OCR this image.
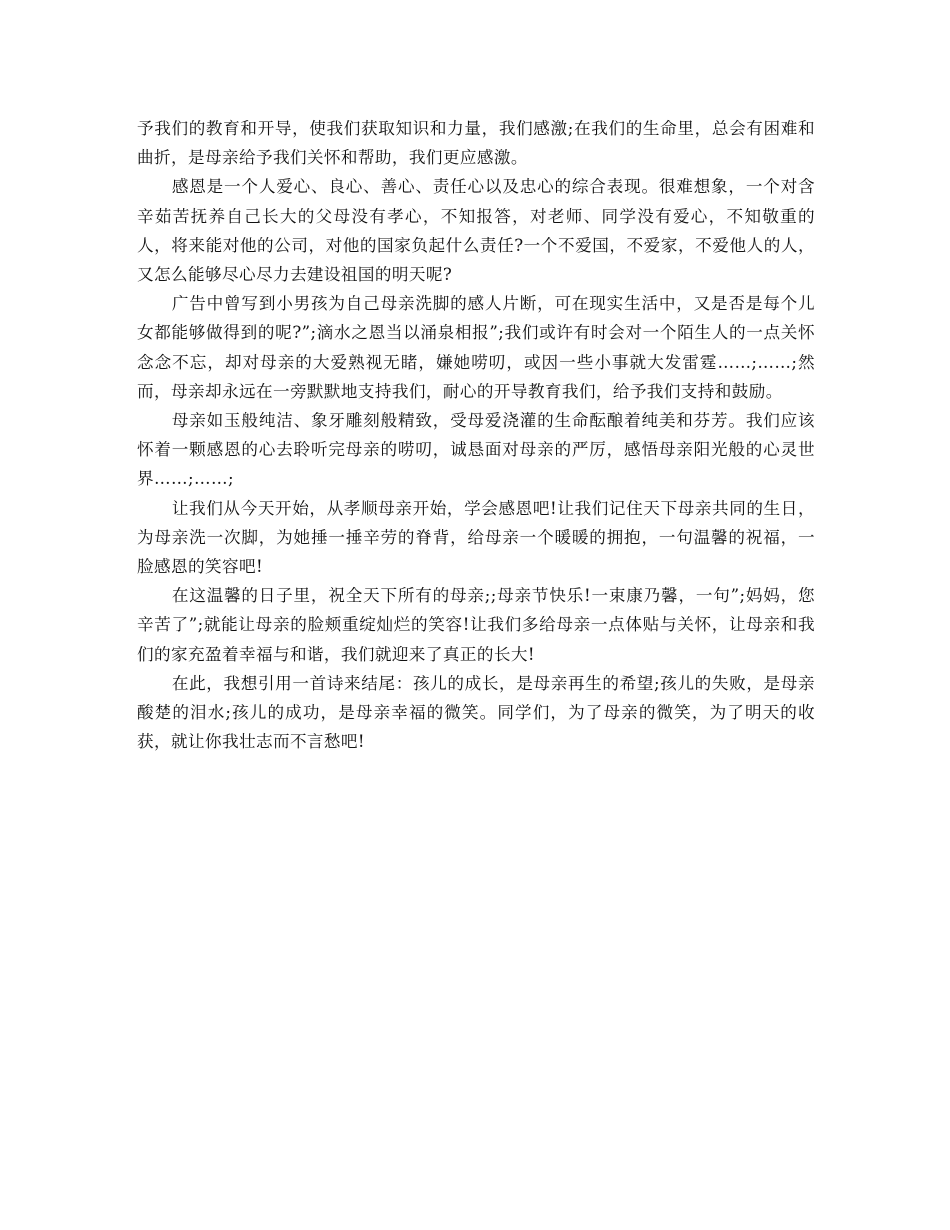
予我们的教育和开导，使我们获取知识和力量，我们感激;在我们的生命里，总会有困难和曲折，是母亲给予我们关怀和帮助，我们更应感激。

感恩是一个人爱心、良心、善心、责任心以及忠心的综合表现。很难想象，一个对含辛茹苦抚养自己长大的父母没有孝心，不知报答，对老师、同学没有爱心，不知敬重的人，将来能对他的公司，对他的国家负起什么责任?一个不爱国，不爱家，不爱他人的人，又怎么能够尽心尽力去建设祖国的明天呢?

广告中曾写到小男孩为自己母亲洗脚的感人片断，可在现实生活中，又是否是每个儿女都能够做得到的呢?”;滴水之恩当以涌泉相报”;我们或许有时会对一个陌生人的一点关怀念念不忘，却对母亲的大爱熟视无睹，嫌她唠叨，或因一些小事就大发雷霆……;……;然而，母亲却永远在一旁默默地支持我们，耐心的开导教育我们，给予我们支持和鼓励。

母亲如玉般纯洁、象牙雕刻般精致，受母爱浇灌的生命酝酿着纯美和芬芳。我们应该怀着一颗感恩的心去聆听完母亲的唠叨，诚恳面对母亲的严厉，感悟母亲阳光般的心灵世界……;……;

让我们从今天开始，从孝顺母亲开始，学会感恩吧!让我们记住天下母亲共同的生日，为母亲洗一次脚，为她捶一捶辛劳的脊背，给母亲一个暖暖的拥抱，一句温馨的祝福，一脸感恩的笑容吧!

在这温馨的日子里，祝全天下所有的母亲;;母亲节快乐!一束康乃馨，一句”;妈妈，您辛苦了”;就能让母亲的脸颊重绽灿烂的笑容!让我们多给母亲一点体贴与关怀，让母亲和我们的家充盈着幸福与和谐，我们就迎来了真正的长大!

在此，我想引用一首诗来结尾：孩儿的成长，是母亲再生的希望;孩儿的失败，是母亲酸楚的泪水;孩儿的成功，是母亲幸福的微笑。同学们，为了母亲的微笑，为了明天的收获，就让你我壮志而不言愁吧!
